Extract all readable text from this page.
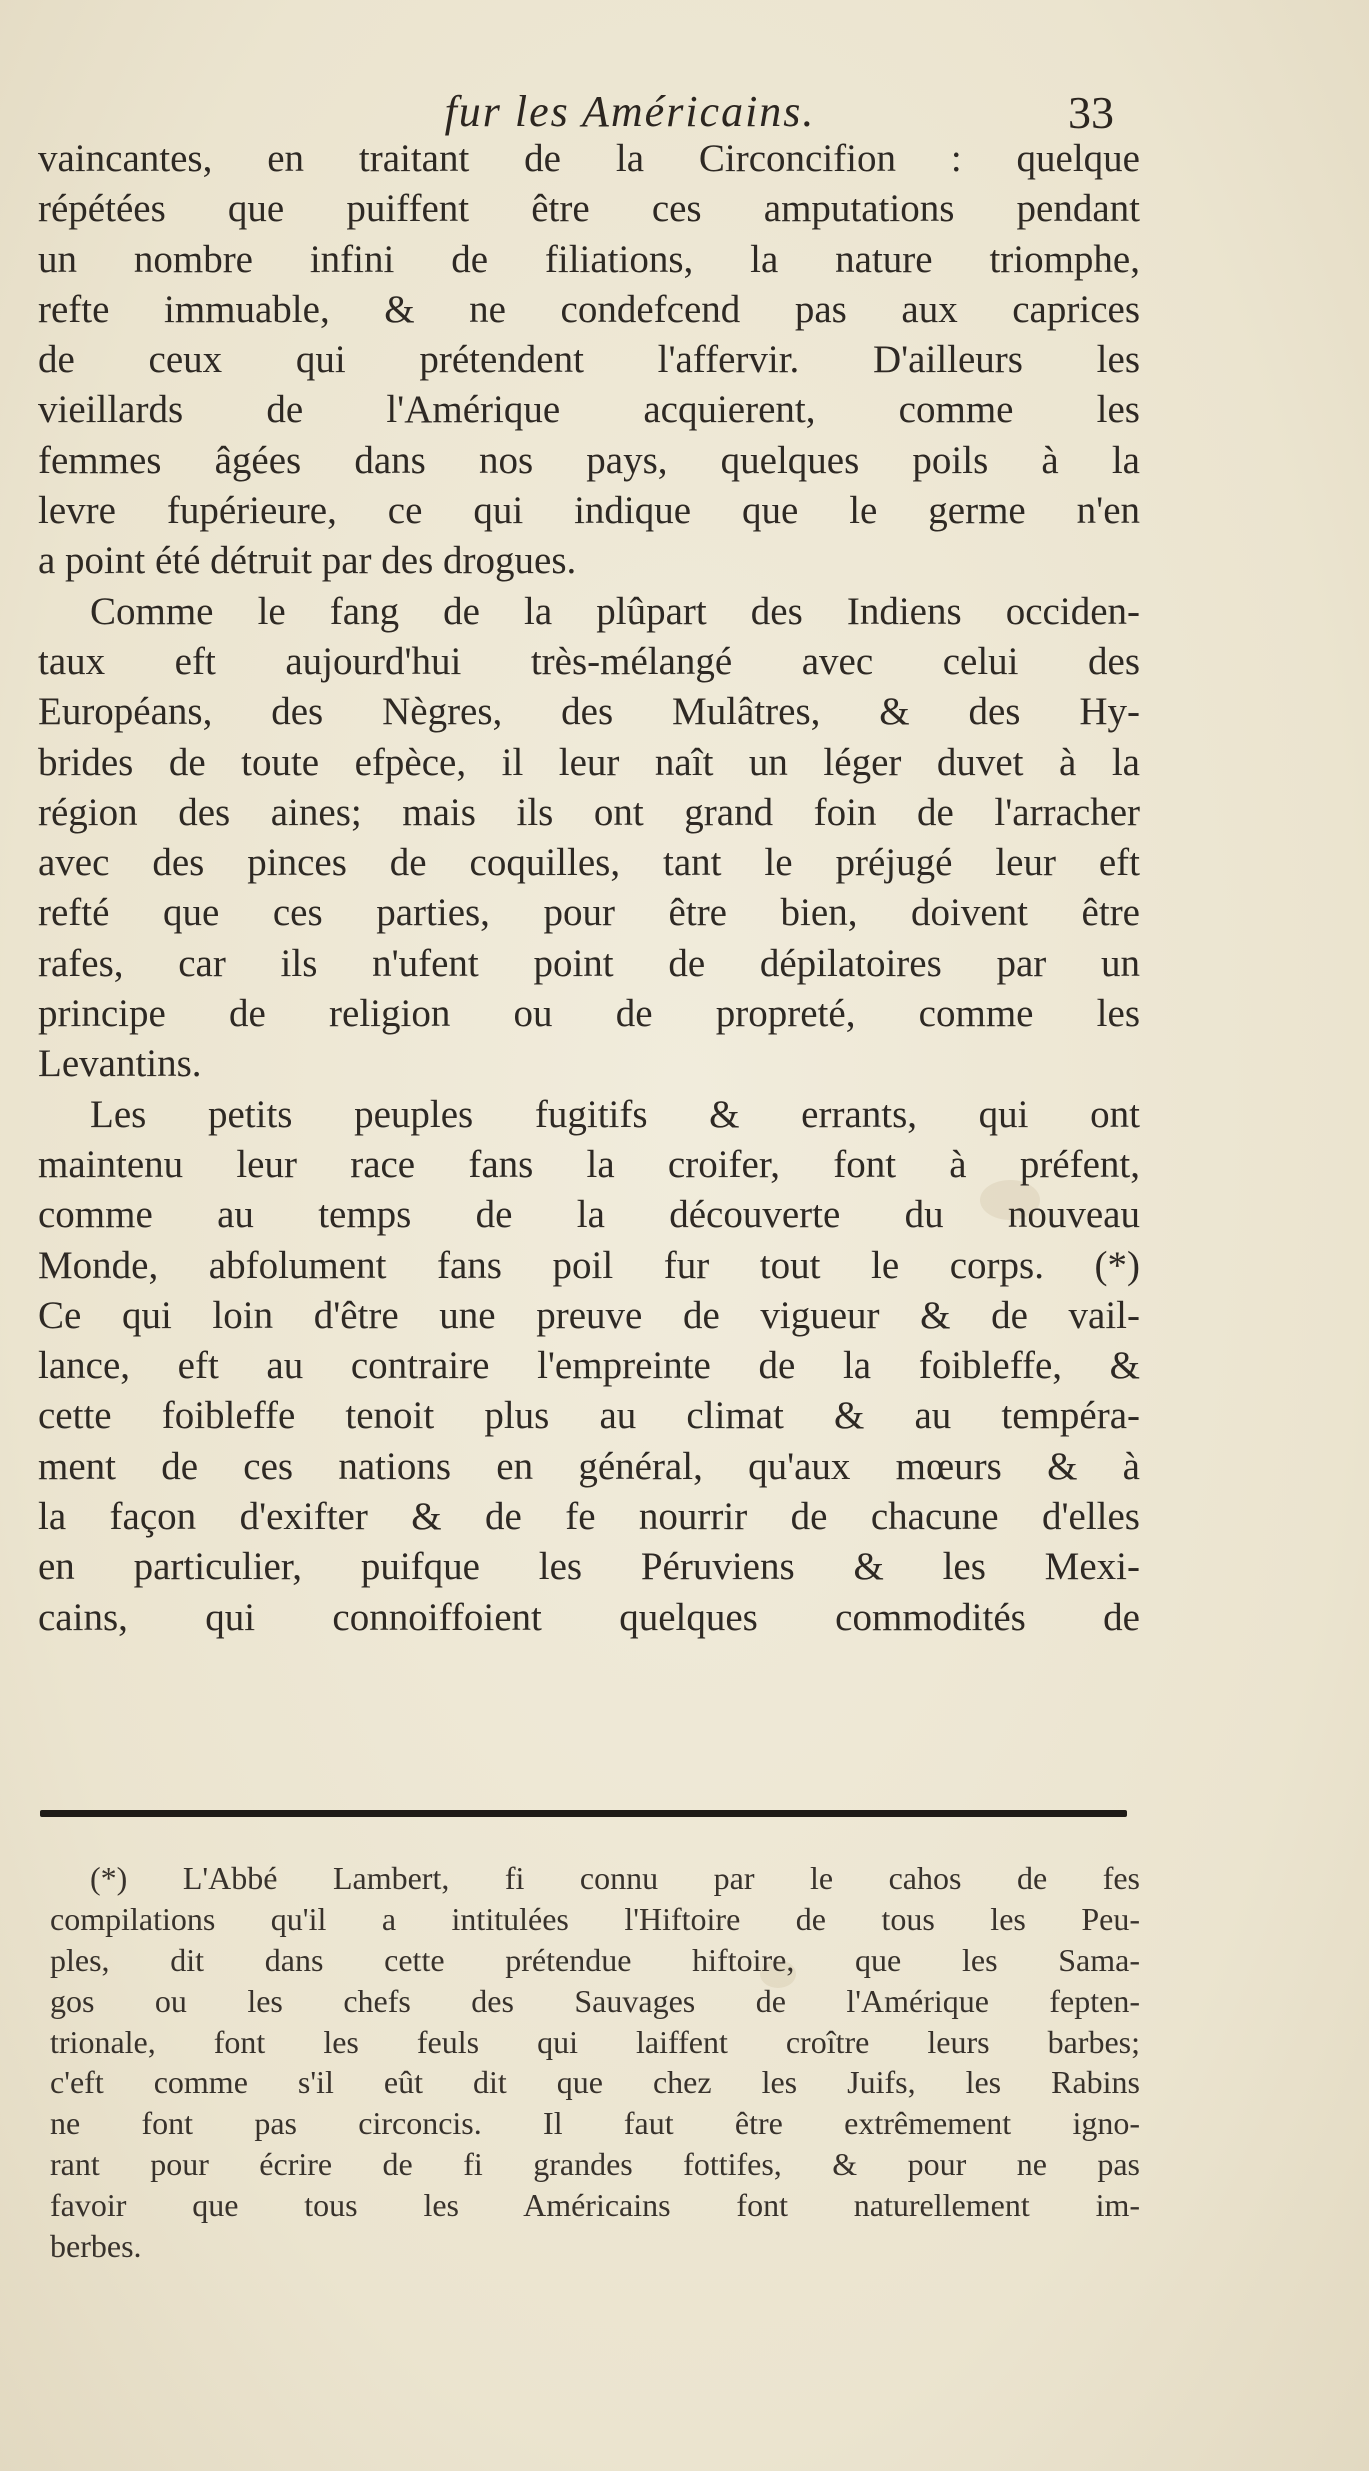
fur les Américains.	33
vaincantes, en traitant de la Circoncifion : quelque
répétées que puiffent être ces amputations pendant
un nombre infini de filiations, la nature triomphe,
refte immuable, & ne condefcend pas aux caprices
de ceux qui prétendent l'affervir. D'ailleurs les
vieillards de l'Amérique acquierent, comme les
femmes âgées dans nos pays, quelques poils à la
levre fupérieure, ce qui indique que le germe n'en
a point été détruit par des drogues.
Comme le fang de la plûpart des Indiens occiden-
taux eft aujourd'hui très-mélangé avec celui des
Européans, des Nègres, des Mulâtres, & des Hy-
brides de toute efpèce, il leur naît un léger duvet à la
région des aines; mais ils ont grand foin de l'arracher
avec des pinces de coquilles, tant le préjugé leur eft
refté que ces parties, pour être bien, doivent être
rafes, car ils n'ufent point de dépilatoires par un
principe de religion ou de propreté, comme les
Levantins.
Les petits peuples fugitifs & errants, qui ont
maintenu leur race fans la croifer, font à préfent,
comme au temps de la découverte du nouveau
Monde, abfolument fans poil fur tout le corps. (*)
Ce qui loin d'être une preuve de vigueur & de vail-
lance, eft au contraire l'empreinte de la foibleffe, &
cette foibleffe tenoit plus au climat & au tempéra-
ment de ces nations en général, qu'aux mœurs & à
la façon d'exifter & de fe nourrir de chacune d'elles
en particulier, puifque les Péruviens & les Mexi-
cains, qui connoiffoient quelques commodités de
(*) L'Abbé Lambert, fi connu par le cahos de fes
compilations qu'il a intitulées l'Hiftoire de tous les Peu-
ples, dit dans cette prétendue hiftoire, que les Sama-
gos ou les chefs des Sauvages de l'Amérique fepten-
trionale, font les feuls qui laiffent croître leurs barbes;
c'eft comme s'il eût dit que chez les Juifs, les Rabins
ne font pas circoncis. Il faut être extrêmement igno-
rant pour écrire de fi grandes fottifes, & pour ne pas
favoir que tous les Américains font naturellement im-
berbes.
